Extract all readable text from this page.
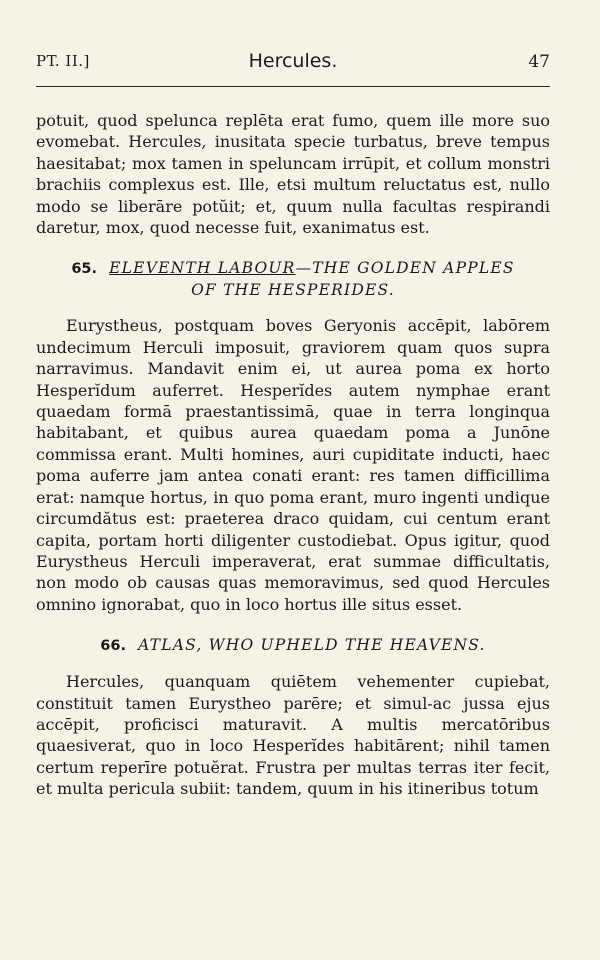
PT. II.]	Hercules.	47

potuit, quod spelunca replēta erat fumo, quem ille more suo evomebat. Hercules, inusitata specie turbatus, breve tempus haesitabat; mox tamen in speluncam irrūpit, et collum monstri brachiis complexus est. Ille, etsi multum reluctatus est, nullo modo se liberāre potŭit; et, quum nulla facultas respirandi daretur, mox, quod necesse fuit, exanimatus est.

65. ELEVENTH LABOUR—THE GOLDEN APPLES
OF THE HESPERIDES.

Eurystheus, postquam boves Geryonis accēpit, labōrem undecimum Herculi imposuit, graviorem quam quos supra narravimus. Mandavit enim ei, ut aurea poma ex horto Hesperĭdum auferret. Hesperĭdes autem nymphae erant quaedam formā praestantissimā, quae in terra longinqua habitabant, et quibus aurea quaedam poma a Junōne commissa erant. Multi homines, auri cupiditate inducti, haec poma auferre jam antea conati erant: res tamen difficillima erat: namque hortus, in quo poma erant, muro ingenti undique circumdătus est: praeterea draco quidam, cui centum erant capita, portam horti diligenter custodiebat. Opus igitur, quod Eurystheus Herculi imperaverat, erat summae difficultatis, non modo ob causas quas memoravimus, sed quod Hercules omnino ignorabat, quo in loco hortus ille situs esset.

66. ATLAS, WHO UPHELD THE HEAVENS.

Hercules, quanquam quiētem vehementer cupiebat, constituit tamen Eurystheo parēre; et simul-ac jussa ejus accēpit, proficisci maturavit. A multis mercatōribus quaesiverat, quo in loco Hesperĭdes habitārent; nihil tamen certum reperīre potuĕrat. Frustra per multas terras iter fecit, et multa pericula subiit: tandem, quum in his itineribus totum
